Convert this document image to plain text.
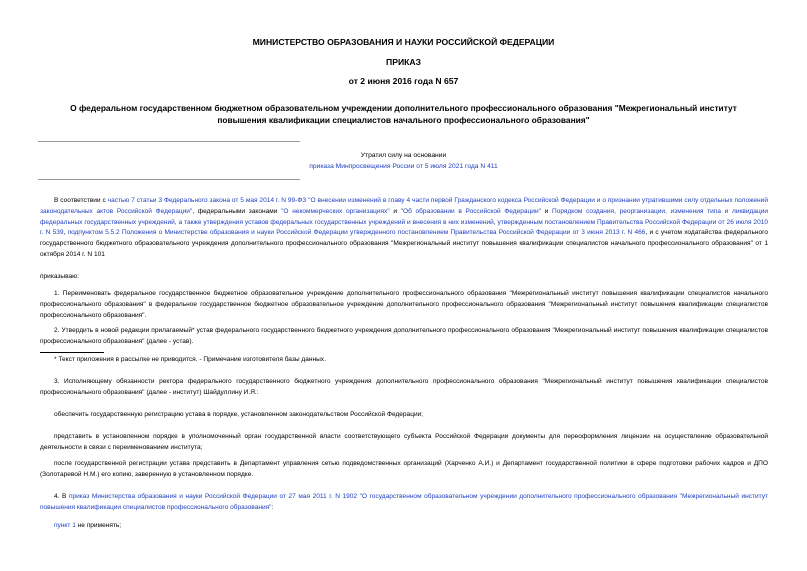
МИНИСТЕРСТВО ОБРАЗОВАНИЯ И НАУКИ РОССИЙСКОЙ ФЕДЕРАЦИИ
ПРИКАЗ
от 2 июня 2016 года N 657
О федеральном государственном бюджетном образовательном учреждении дополнительного профессионального образования "Межрегиональный институт
повышения квалификации специалистов начального профессионального образования"
Утратил силу на основании
приказа Минпросвещения России от 5 июля 2021 года N 411
В соответствии с частью 7 статьи 3 Федерального закона от 5 мая 2014 г. N 99-ФЗ "О внесении изменений в главу 4 части первой Гражданского кодекса Российской Федерации и о признании утратившими силу отдельных положений законодательных актов Российской Федерации", федеральными законами "О некоммерческих организациях" и "Об образовании в Российской Федерации" и Порядком создания, реорганизации, изменения типа и ликвидации федеральных государственных учреждений, а также утверждения уставов федеральных государственных учреждений и внесения в них изменений, утвержденным постановлением Правительства Российской Федерации от 26 июля 2010 г. N 539, подпунктом 5.5.2 Положения о Министерстве образования и науки Российской Федерации утвержденного постановлением Правительства Российской Федерации от 3 июня 2013 г. N 466, и с учетом ходатайства федерального государственного бюджетного образовательного учреждения дополнительного профессионального образования "Межрегиональный институт повышения квалификации специалистов начального профессионального образования" от 1 октября 2014 г. N 101
приказываю:
1. Переименовать федеральное государственное бюджетное образовательное учреждение дополнительного профессионального образования "Межрегиональный институт повышения квалификации специалистов начального профессионального образования" в федеральное государственное бюджетное образовательное учреждение дополнительного профессионального образования "Межрегиональный институт повышения квалификации специалистов профессионального образования".
2. Утвердить в новой редакции прилагаемый* устав федерального государственного бюджетного учреждения дополнительного профессионального образования "Межрегиональный институт повышения квалификации специалистов профессионального образования" (далее - устав).
* Текст приложения в рассылке не приводится. - Примечание изготовителя базы данных.
3. Исполняющему обязанности ректора федерального государственного бюджетного учреждения дополнительного профессионального образования "Межрегиональный институт повышения квалификации специалистов профессионального образования" (далее - институт) Шайдуллину И.Я.:
обеспечить государственную регистрацию устава в порядке, установленном законодательством Российской Федерации;
представить в установленном порядке в уполномоченный орган государственной власти соответствующего субъекта Российской Федерации документы для переоформления лицензии на осуществление образовательной деятельности в связи с переименованием института;
после государственной регистрации устава представить в Департамент управления сетью подведомственных организаций (Харченко А.И.) и Департамент государственной политики в сфере подготовки рабочих кадров и ДПО (Золотаревой Н.М.) его копию, заверенную в установленном порядке.
4. В приказ Министерства образования и науки Российской Федерации от 27 мая 2011 г. N 1902 "О государственном образовательном учреждении дополнительного профессионального образования "Межрегиональный институт повышения квалификации специалистов профессионального образования":
пункт 1 не применять;
